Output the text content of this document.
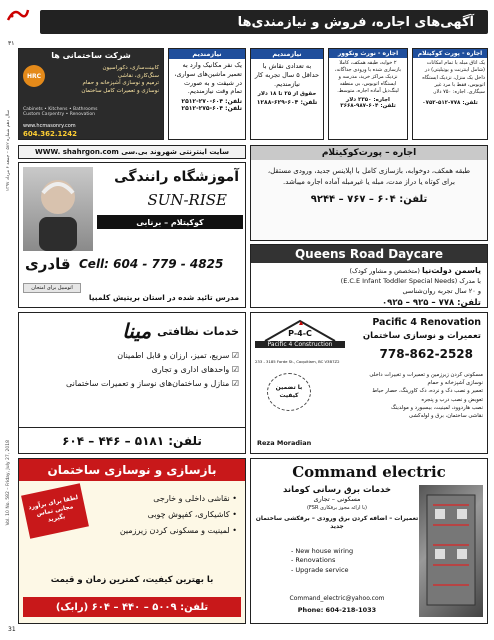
آگهی‌های اجاره، فروش و نیازمندی‌ها
۳۱
31
سال دهم شماره ۵۸۲ – جمعه ۶ مرداد ۱۳۹۷
Vol. 10 No. 582 – Friday, July 27, 2018
شرکت ساختمانی ها
HRC
کابینت‌سازی، دکوراسیون
سنگ‌کاری، نقاشی
ترمیم و نوسازی آشپزخانه و حمام
نوسازی و تعمیرات کامل ساختمان
Cabinets • Kitchens • Bathrooms
Custom Carpentry • Renovation
www.hcmasonry.com
604.362.1242
نیازمندیم
یک نفر مکانیک وارد به تعمیر ماشین‌های سواری، در شیفت و به صورت تمام وقت نیازمندیم.
تلفن: ۶۰۴-۲۷۰-۲۵۱۲
تلفن: ۶۰۴-۲۷۵-۲۵۱۲
نیازمندیم
به تعدادی نقاش با حداقل ۵ سال تجربه کار نیازمندیم.
حقوق از ۲۵ تا ۱۸ دلار
تلفن: ۶۰۴-۶۲۹-۱۲۸۸
اجاره - نورث ونکوور
۲ خوابه، طبقه همکف، کاملا بازسازی شده با ورودی جداگانه، نزدیک مراکز خرید، مدرسه و ایستگاه اتوبوس، بی منطقه لینگ‌دیل آماده اجاره، متوسط.
اجاره: ۲۳۵۰ دلار
تلفن: ۶۰۴-۹۸۷-۳۶۶۸
اجاره - پورت کوکیتلام
یک اتاق مبله با تمام امکانات (شامل اینترنت و یوتیلیتی) در داخل یک منزل، نزدیک ایستگاه اتوبوس، فقط با مرد غیر سیگاری. اجاره: ۷۵۰ دلار.
تلفن: ۷۷۸-۵۱۲-۰۷۵۲
سایت اینترنتی شهروند بی.سی WWW. shahrgon.com
آموزشگاه رانندگی
SUN-RISE
کوکیتلام – برنابی
Cell: 604 - 779 - 4825
قادری
اتومبیل برای امتحان
مدرس تائید شده در استان بریتیش کلمبیا
اجاره – پورت‌کوکیتلام
طبقه همکف، دوخوابه، بازسازی کامل با اپلاینس جدید، ورودی مستقل، برای کوتاه یا دراز مدت، مبله یا غیرمبله آماده اجاره میباشد.
تلفن: ۶۰۴ – ۷۶۷ – ۹۲۴۴
Queens Road Daycare
یاسمن دولت‌نیا (متخصص و مشاور کودک)
با مدرک (E.C.E Infant Toddler Special Needs)
و ۲۰ سال تجربه روان‌شناسی
تلفن: ۷۷۸ – ۹۲۵ – ۰۹۲۵
خدمات نظافتی
مینا
☑ سریع، تمیز، ارزان و قابل اطمینان
☑ واحدهای اداری و تجاری
☑ منازل و ساختمان‌های نوساز و تعمیرات ساختمانی
تلفن: ۵۱۸۱ – ۴۴۶ – ۶۰۴
P-4-C
Pacific 4 Construction
233 - 3185 Forde St., Coquitlam, BC V3B7Z2
با تضمین کیفیت
Reza Moradian
Pacific 4 Renovation
تعمیرات و نوسازی ساختمان
778-862-2528
مسکونی کردن زیرزمین و تعمیرات و تغییرات داخلی
نوسازی آشپزخانه و حمام
تعمیر و نصب دک و نرده، دک کاورینگ، حصار حیاط
تعویض و نصب درب و پنجره
نصب هاردوود، لمینیت، بیسبورد و مولدینگ
نقاشی ساختمان، برق و لوله‌کشی
بازسازی و نوسازی ساختمان
لطفا برای برآورد مجانی تماس بگیرید
• نقاشی داخلی و خارجی
• کاشیکاری، کفپوش چوبی
• لمینیت و مسکونی کردن زیرزمین
با بهترین کیفیت، کمترین زمان و قیمت
تلفن: ۵۰۰۹ – ۴۴۰ – ۶۰۴ (رابک)
Command electric
خدمات برق رسانی کوماند
مسکونی – تجاری
(با ارائه مجوز برقکاری FSR)
تعمیرات – اضافه کردن برق ورودی – برقکشی ساختمان جدید
- New house wiring
- Renovations
- Upgrade service
Command_electric@yahoo.com
Phone: 604-218-1033
